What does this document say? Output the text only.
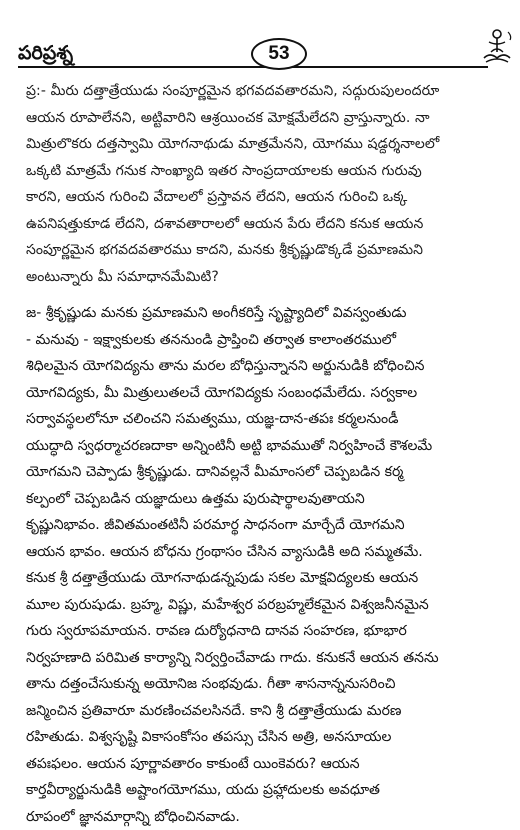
పరిప్రశ్న	53

ప్ర:- మీరు దత్తాత్రేయుడు సంపూర్ణమైన భగవదవతారమని, సద్గురుపులందరూ
ఆయన రూపాలేనని, అట్టివారిని ఆశ్రయించక మోక్షమేలేదని వ్రాస్తున్నారు. నా
మిత్రులొకరు దత్తస్వామి యోగనాథుడు మాత్రమేనని, యోగము షడ్దర్శనాలలో
ఒక్కటి మాత్రమే గనుక సాంఖ్యాది ఇతర సాంప్రదాయాలకు ఆయన గురువు
కారని, ఆయన గురించి వేదాలలో ప్రస్తావన లేదని, ఆయన గురించి ఒక్క
ఉపనిషత్తుకూడ లేదని, దశావతారాలలో ఆయన పేరు లేదని కనుక ఆయన
సంపూర్ణమైన భగవదవతారము కాదని, మనకు శ్రీకృష్ణుడొక్కడే ప్రమాణమని
అంటున్నారు మీ సమాధానమేమిటి?

జ- శ్రీకృష్ణుడు మనకు ప్రమాణమని అంగీకరిస్తే సృష్ట్యాదిలో వివస్వంతుడు
- మనువు - ఇక్ష్వాకులకు తననుండి ప్రాప్తించి తర్వాత కాలాంతరములో
శిధిలమైన యోగవిద్యను తాను మరల బోధిస్తున్నానని అర్జునుడికి బోధించిన
యోగవిద్యకు, మీ మిత్రులుతలచే యోగవిద్యకు సంబంధమేలేదు. సర్వకాల
సర్వావస్థలలోనూ చలించని సమత్వము, యజ్ఞ-దాన-తపః కర్మలనుండీ
యుద్ధాది స్వధర్మాచరణదాకా అన్నింటినీ అట్టి భావముతో నిర్వహించే కౌశలమే
యోగమని చెప్పాడు శ్రీకృష్ణుడు. దానివల్లనే మీమాంసలో చెప్పబడిన కర్మ
కల్పంలో చెప్పబడిన యజ్ఞాదులు ఉత్తమ పురుషార్థాలవుతాయని
కృష్ణునిభావం. జీవితమంతటినీ పరమార్థ సాధనంగా మార్చేదే యోగమని
ఆయన భావం. ఆయన బోధను గ్రంథాసం చేసిన వ్యాసుడికి అది సమ్మతమే.
కనుక శ్రీ దత్తాత్రేయుడు యోగనాథుడన్నపుడు సకల మోక్షవిద్యలకు ఆయన
మూల పురుషుడు. బ్రహ్మ, విష్ణు, మహేశ్వర పరబ్రహ్మలేకమైన విశ్వజనీనమైన
గురు స్వరూపమాయన. రావణ దుర్యోధనాది దానవ సంహరణ, భూభార
నిర్వహణాది పరిమిత కార్యాన్ని నిర్వర్తించేవాడు గాదు. కనుకనే ఆయన తనను
తాను దత్తంచేసుకున్న అయోనిజ సంభవుడు. గీతా శాసనాన్ననుసరించి
జన్మించిన ప్రతివారూ మరణించవలసినదే. కాని శ్రీ దత్తాత్రేయుడు మరణ
రహితుడు. విశ్వసృష్టి వికాసంకోసం తపస్సు చేసిన అత్రి, అనసూయల
తపఃఫలం. ఆయన పూర్ణావతారం కాకుంటే యింకెవరు? ఆయన
కార్తవీర్యార్జునుడికి అష్టాంగయోగము, యదు ప్రహ్లాదులకు అవధూత
రూపంలో జ్ఞానమార్గాన్ని బోధించినవాడు.
